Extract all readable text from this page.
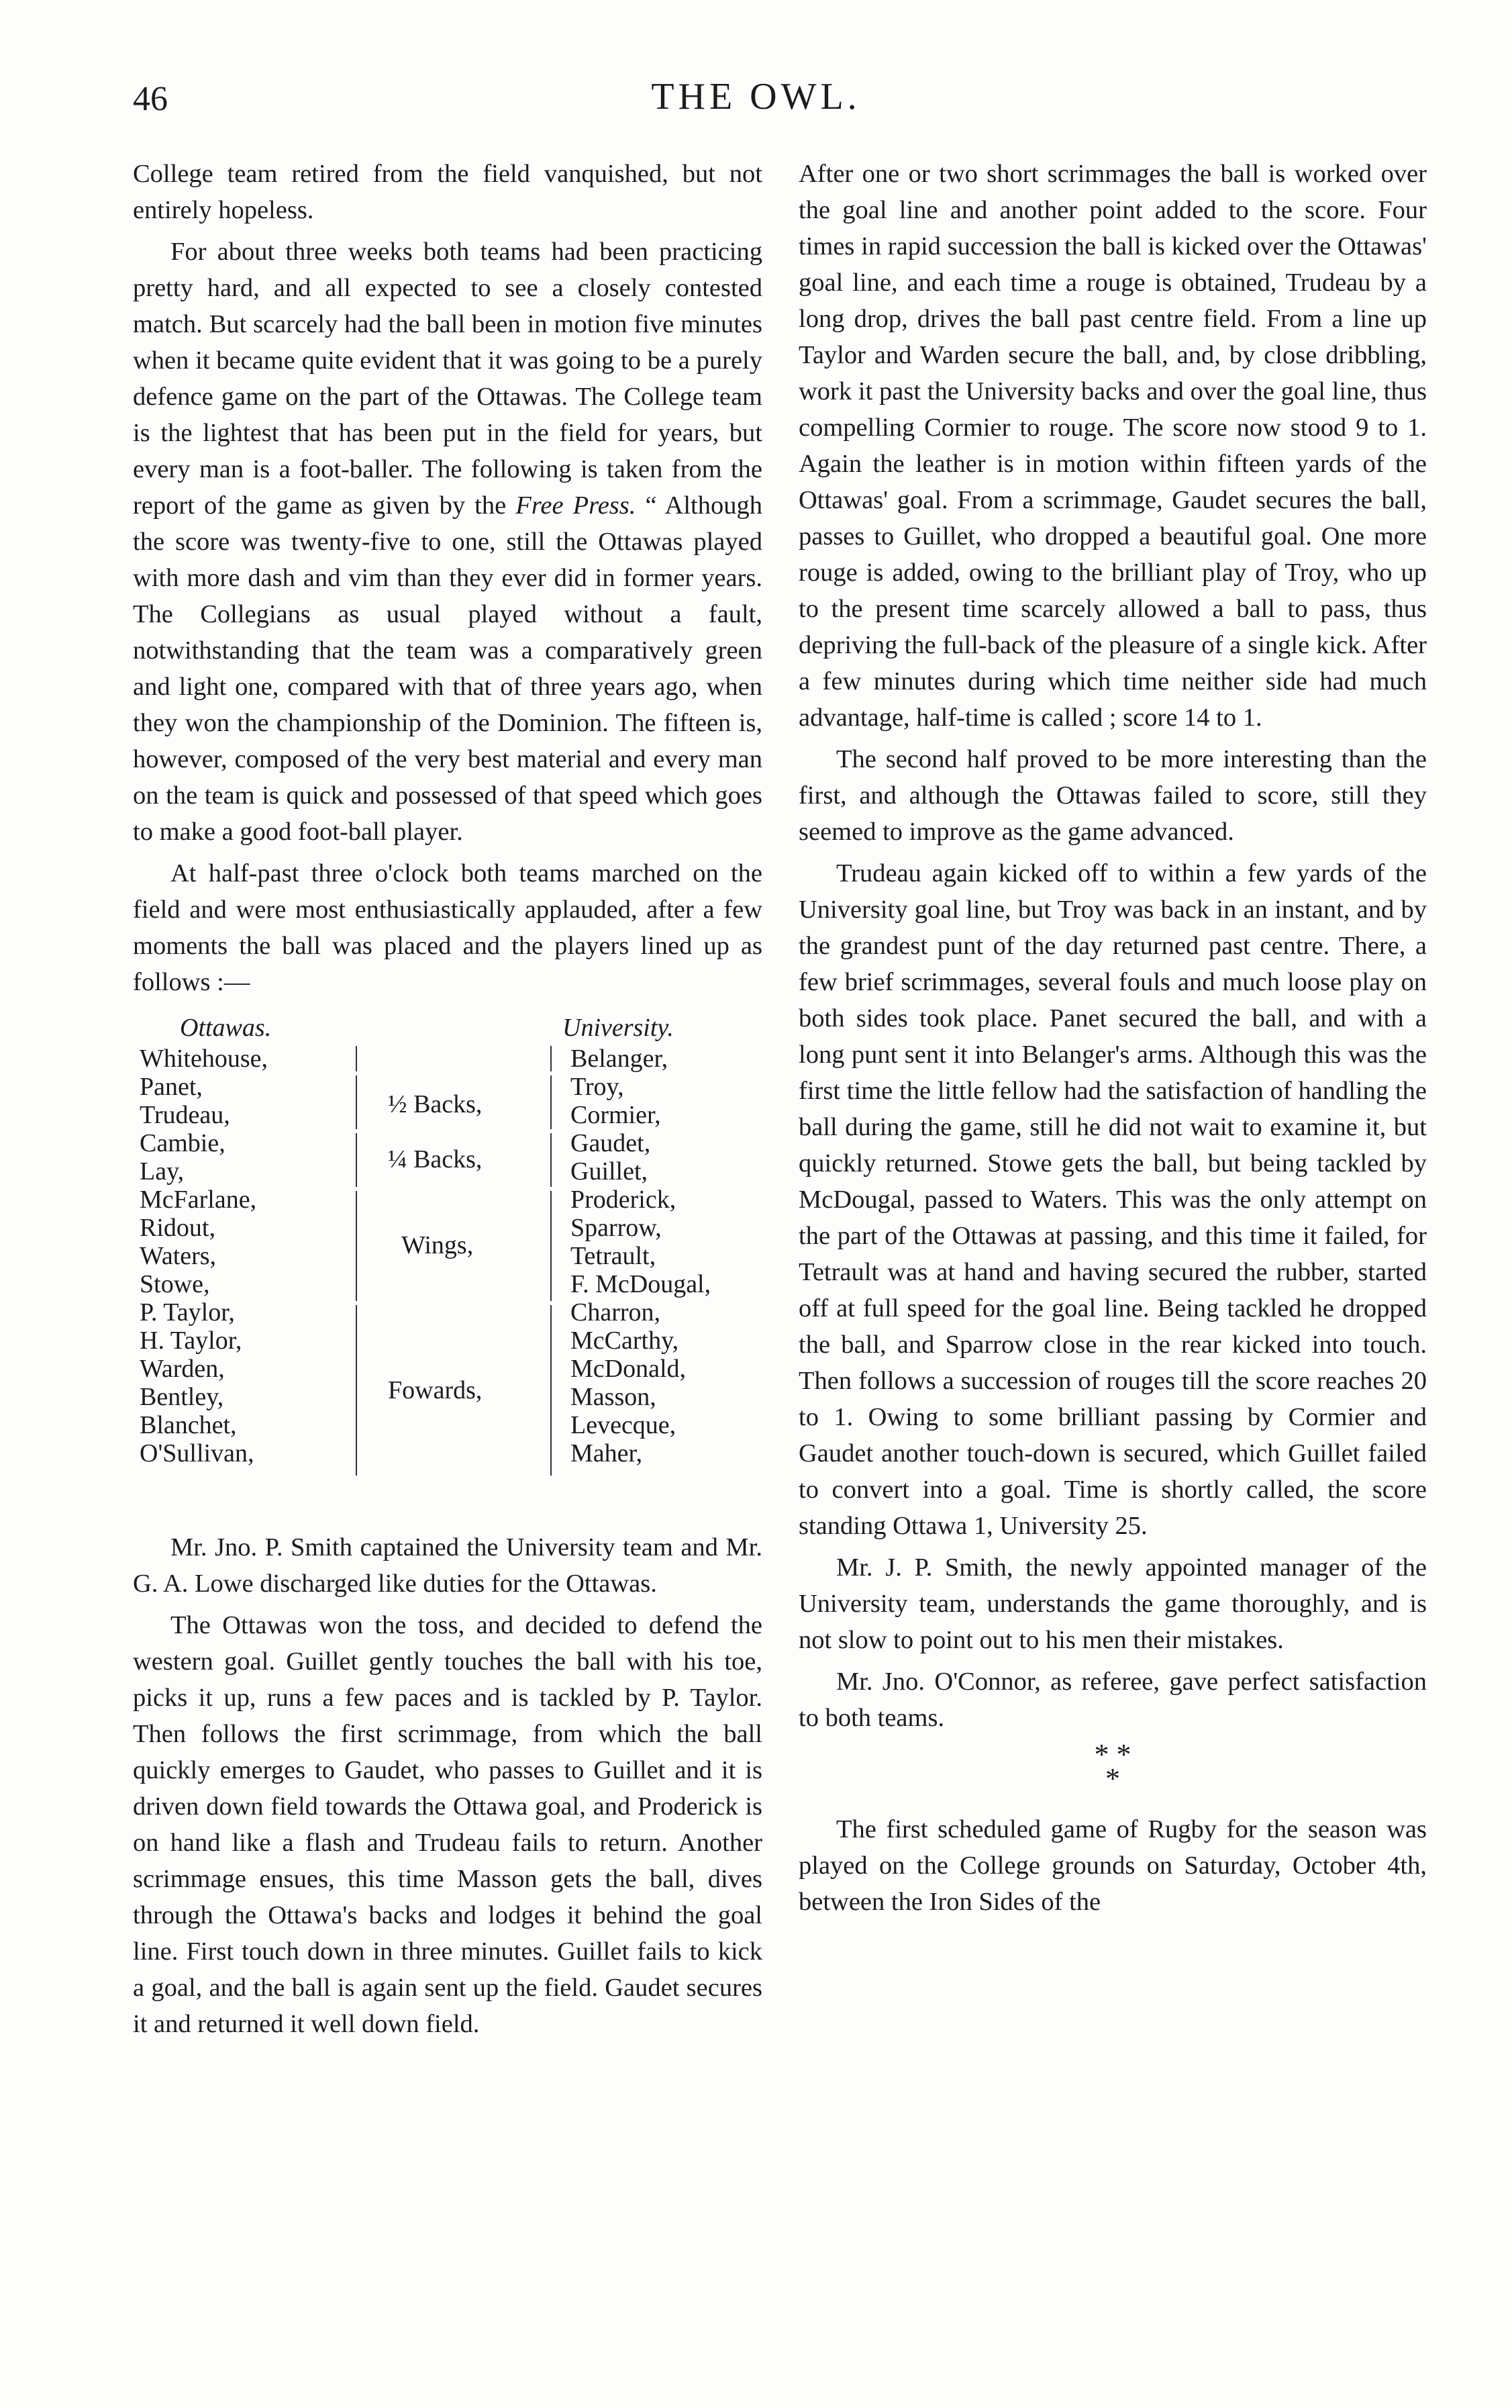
46	THE OWL.

College team retired from the field vanquished, but not entirely hopeless.

For about three weeks both teams had been practicing pretty hard, and all expected to see a closely contested match. But scarcely had the ball been in motion five minutes when it became quite evident that it was going to be a purely defence game on the part of the Ottawas. The College team is the lightest that has been put in the field for years, but every man is a foot-baller. The following is taken from the report of the game as given by the Free Press. “ Although the score was twenty-five to one, still the Ottawas played with more dash and vim than they ever did in former years. The Collegians as usual played without a fault, notwithstanding that the team was a comparatively green and light one, compared with that of three years ago, when they won the championship of the Dominion. The fifteen is, however, composed of the very best material and every man on the team is quick and possessed of that speed which goes to make a good foot-ball player.

At half-past three o'clock both teams marched on the field and were most enthusiastically applauded, after a few moments the ball was placed and the players lined up as follows :—

Ottawas.	University.
Whitehouse,
Panet,
Trudeau,
Cambie,
Lay,
McFarlane,
Ridout,
Waters,
Stowe,
P. Taylor,
H. Taylor,
Warden,
Bentley,
Blanchet,
O'Sullivan,
½ Backs,
¼ Backs,
Wings,
Fowards,
Belanger,
Troy,
Cormier,
Gaudet,
Guillet,
Proderick,
Sparrow,
Tetrault,
F. McDougal,
Charron,
McCarthy,
McDonald,
Masson,
Levecque,
Maher,

Mr. Jno. P. Smith captained the University team and Mr. G. A. Lowe discharged like duties for the Ottawas.

The Ottawas won the toss, and decided to defend the western goal. Guillet gently touches the ball with his toe, picks it up, runs a few paces and is tackled by P. Taylor. Then follows the first scrimmage, from which the ball quickly emerges to Gaudet, who passes to Guillet and it is driven down field towards the Ottawa goal, and Proderick is on hand like a flash and Trudeau fails to return. Another scrimmage ensues, this time Masson gets the ball, dives through the Ottawa's backs and lodges it behind the goal line. First touch down in three minutes. Guillet fails to kick a goal, and the ball is again sent up the field. Gaudet secures it and returned it well down field.

After one or two short scrimmages the ball is worked over the goal line and another point added to the score. Four times in rapid succession the ball is kicked over the Ottawas' goal line, and each time a rouge is obtained, Trudeau by a long drop, drives the ball past centre field. From a line up Taylor and Warden secure the ball, and, by close dribbling, work it past the University backs and over the goal line, thus compelling Cormier to rouge. The score now stood 9 to 1. Again the leather is in motion within fifteen yards of the Ottawas' goal. From a scrimmage, Gaudet secures the ball, passes to Guillet, who dropped a beautiful goal. One more rouge is added, owing to the brilliant play of Troy, who up to the present time scarcely allowed a ball to pass, thus depriving the full-back of the pleasure of a single kick. After a few minutes during which time neither side had much advantage, half-time is called ; score 14 to 1.

The second half proved to be more interesting than the first, and although the Ottawas failed to score, still they seemed to improve as the game advanced.

Trudeau again kicked off to within a few yards of the University goal line, but Troy was back in an instant, and by the grandest punt of the day returned past centre. There, a few brief scrimmages, several fouls and much loose play on both sides took place. Panet secured the ball, and with a long punt sent it into Belanger's arms. Although this was the first time the little fellow had the satisfaction of handling the ball during the game, still he did not wait to examine it, but quickly returned. Stowe gets the ball, but being tackled by McDougal, passed to Waters. This was the only attempt on the part of the Ottawas at passing, and this time it failed, for Tetrault was at hand and having secured the rubber, started off at full speed for the goal line. Being tackled he dropped the ball, and Sparrow close in the rear kicked into touch. Then follows a succession of rouges till the score reaches 20 to 1. Owing to some brilliant passing by Cormier and Gaudet another touch-down is secured, which Guillet failed to convert into a goal. Time is shortly called, the score standing Ottawa 1, University 25.

Mr. J. P. Smith, the newly appointed manager of the University team, understands the game thoroughly, and is not slow to point out to his men their mistakes.

Mr. Jno. O'Connor, as referee, gave perfect satisfaction to both teams.

* *
*

The first scheduled game of Rugby for the season was played on the College grounds on Saturday, October 4th, between the Iron Sides of the
